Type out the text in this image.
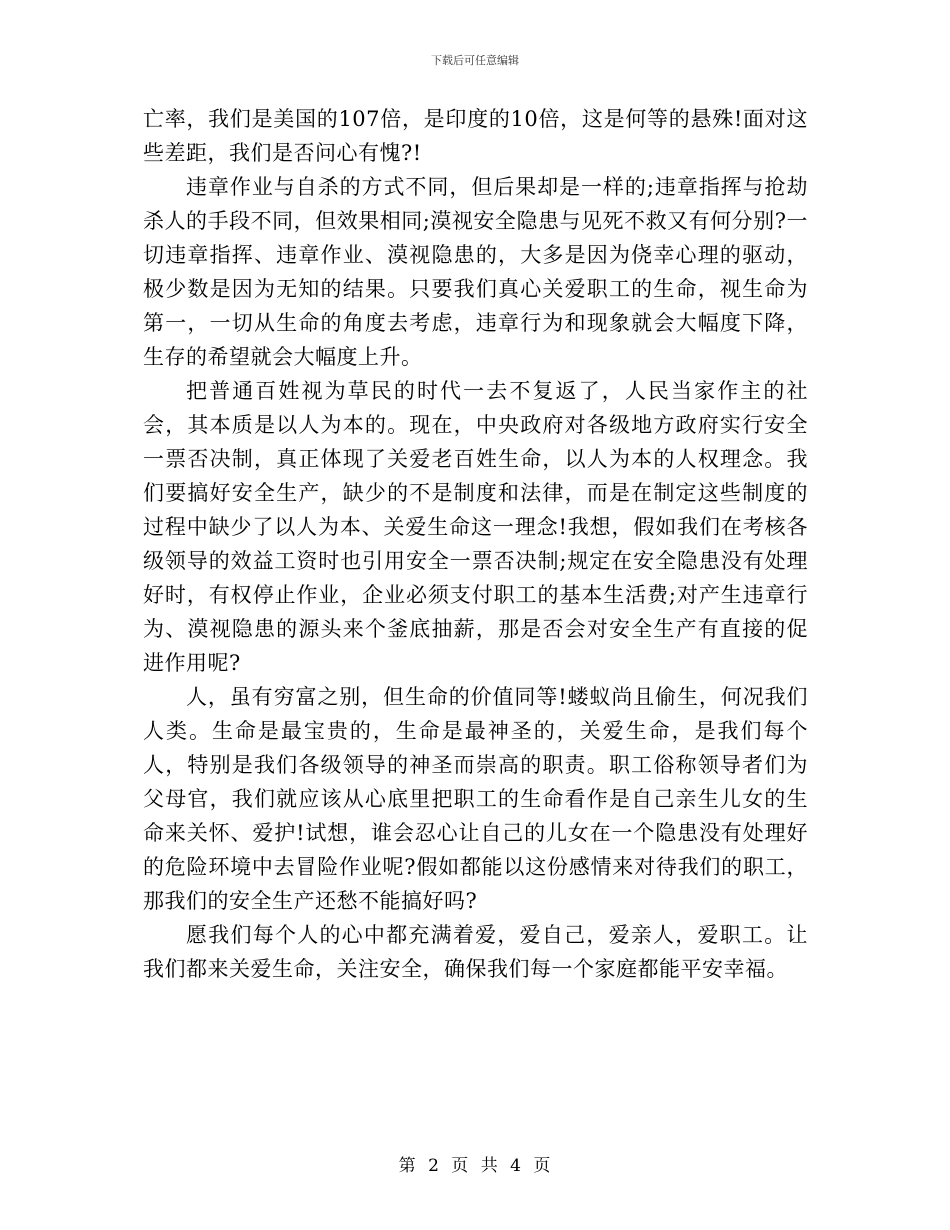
下载后可任意编辑

亡率，我们是美国的107倍，是印度的10倍，这是何等的悬殊!面对这些差距，我们是否问心有愧?!

违章作业与自杀的方式不同，但后果却是一样的;违章指挥与抢劫杀人的手段不同，但效果相同;漠视安全隐患与见死不救又有何分别?一切违章指挥、违章作业、漠视隐患的，大多是因为侥幸心理的驱动，极少数是因为无知的结果。只要我们真心关爱职工的生命，视生命为第一，一切从生命的角度去考虑，违章行为和现象就会大幅度下降，生存的希望就会大幅度上升。

把普通百姓视为草民的时代一去不复返了，人民当家作主的社会，其本质是以人为本的。现在，中央政府对各级地方政府实行安全一票否决制，真正体现了关爱老百姓生命，以人为本的人权理念。我们要搞好安全生产，缺少的不是制度和法律，而是在制定这些制度的过程中缺少了以人为本、关爱生命这一理念!我想，假如我们在考核各级领导的效益工资时也引用安全一票否决制;规定在安全隐患没有处理好时，有权停止作业，企业必须支付职工的基本生活费;对产生违章行为、漠视隐患的源头来个釜底抽薪，那是否会对安全生产有直接的促进作用呢?

人，虽有穷富之别，但生命的价值同等!蝼蚁尚且偷生，何况我们人类。生命是最宝贵的，生命是最神圣的，关爱生命，是我们每个人，特别是我们各级领导的神圣而崇高的职责。职工俗称领导者们为父母官，我们就应该从心底里把职工的生命看作是自己亲生儿女的生命来关怀、爱护!试想，谁会忍心让自己的儿女在一个隐患没有处理好的危险环境中去冒险作业呢?假如都能以这份感情来对待我们的职工，那我们的安全生产还愁不能搞好吗?

愿我们每个人的心中都充满着爱，爱自己，爱亲人，爱职工。让我们都来关爱生命，关注安全，确保我们每一个家庭都能平安幸福。

第 2 页 共 4 页
